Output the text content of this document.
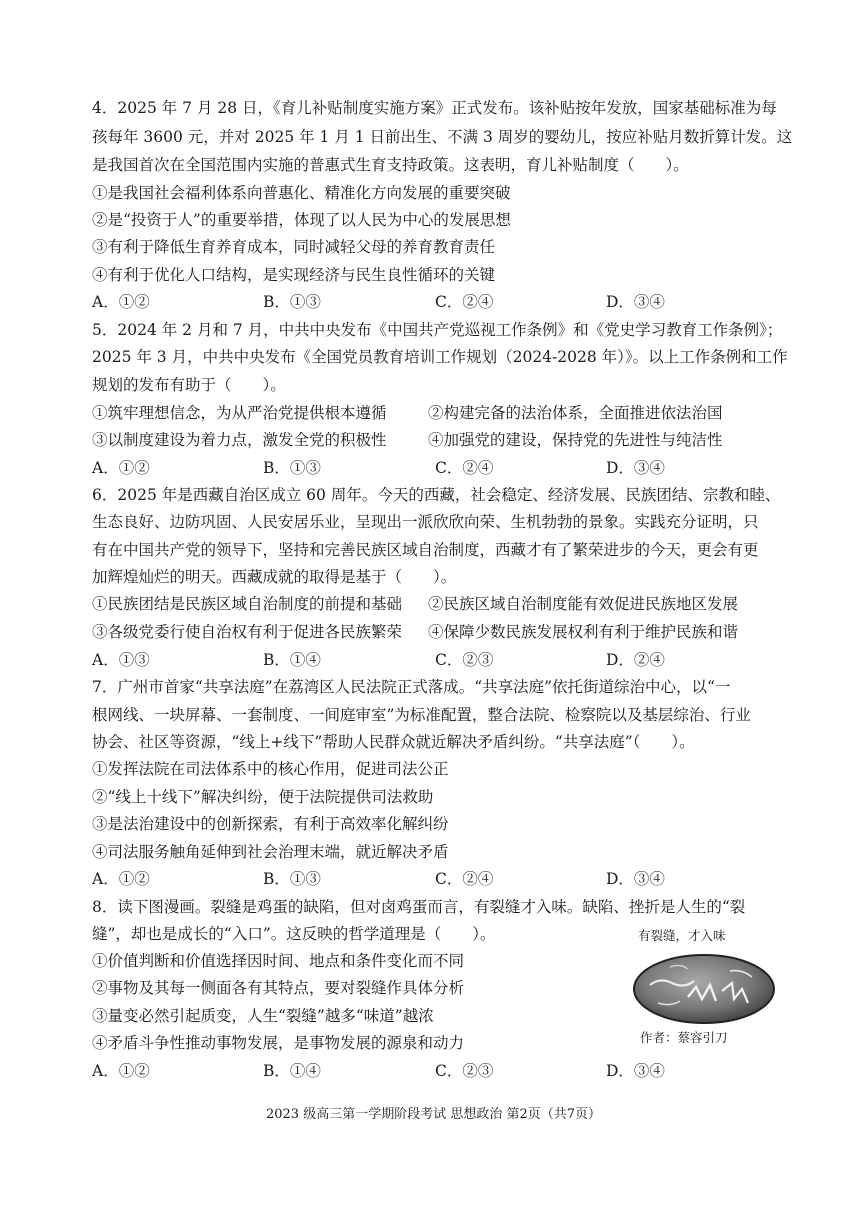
4．2025 年 7 月 28 日，《育儿补贴制度实施方案》正式发布。该补贴按年发放，国家基础标准为每
孩每年 3600 元，并对 2025 年 1 月 1 日前出生、不满 3 周岁的婴幼儿，按应补贴月数折算计发。这
是我国首次在全国范围内实施的普惠式生育支持政策。这表明，育儿补贴制度（　　）。
①是我国社会福利体系向普惠化、精准化方向发展的重要突破
②是“投资于人”的重要举措，体现了以人民为中心的发展思想
③有利于降低生育养育成本，同时减轻父母的养育教育责任
④有利于优化人口结构，是实现经济与民生良性循环的关键
A．①②	B．①③	C．②④	D．③④
5．2024 年 2 月和 7 月，中共中央发布《中国共产党巡视工作条例》和《党史学习教育工作条例》；
2025 年 3 月，中共中央发布《全国党员教育培训工作规划（2024-2028 年）》。以上工作条例和工作
规划的发布有助于（　　）。
①筑牢理想信念，为从严治党提供根本遵循	②构建完备的法治体系，全面推进依法治国
③以制度建设为着力点，激发全党的积极性	④加强党的建设，保持党的先进性与纯洁性
A．①②	B．①③	C．②④	D．③④
6．2025 年是西藏自治区成立 60 周年。今天的西藏，社会稳定、经济发展、民族团结、宗教和睦、
生态良好、边防巩固、人民安居乐业，呈现出一派欣欣向荣、生机勃勃的景象。实践充分证明，只
有在中国共产党的领导下，坚持和完善民族区域自治制度，西藏才有了繁荣进步的今天，更会有更
加辉煌灿烂的明天。西藏成就的取得是基于（　　）。
①民族团结是民族区域自治制度的前提和基础 ②民族区域自治制度能有效促进民族地区发展
③各级党委行使自治权有利于促进各民族繁荣 ④保障少数民族发展权利有利于维护民族和谐
A．①③	B．①④	C．②③	D．②④
7．广州市首家“共享法庭”在荔湾区人民法院正式落成。“共享法庭”依托街道综治中心，以“一
根网线、一块屏幕、一套制度、一间庭审室”为标准配置，整合法院、检察院以及基层综治、行业
协会、社区等资源，“线上+线下”帮助人民群众就近解决矛盾纠纷。“共享法庭”（　　）。
①发挥法院在司法体系中的核心作用，促进司法公正
②“线上十线下”解决纠纷，便于法院提供司法救助
③是法治建设中的创新探索，有利于高效率化解纠纷
④司法服务触角延伸到社会治理末端，就近解决矛盾
A．①②	B．①③	C．②④	D．③④
8．读下图漫画。裂缝是鸡蛋的缺陷，但对卤鸡蛋而言，有裂缝才入味。缺陷、挫折是人生的“裂
缝”，却也是成长的“入口”。这反映的哲学道理是（　　）。
①价值判断和价值选择因时间、地点和条件变化而不同
②事物及其每一侧面各有其特点，要对裂缝作具体分析
③量变必然引起质变，人生“裂缝”越多“味道”越浓
④矛盾斗争性推动事物发展，是事物发展的源泉和动力
A．①②	B．①④	C．②③	D．③④
有裂缝，才入味
作者：蔡容引刀
2023 级高三第一学期阶段考试 思想政治 第2页（共7页）
